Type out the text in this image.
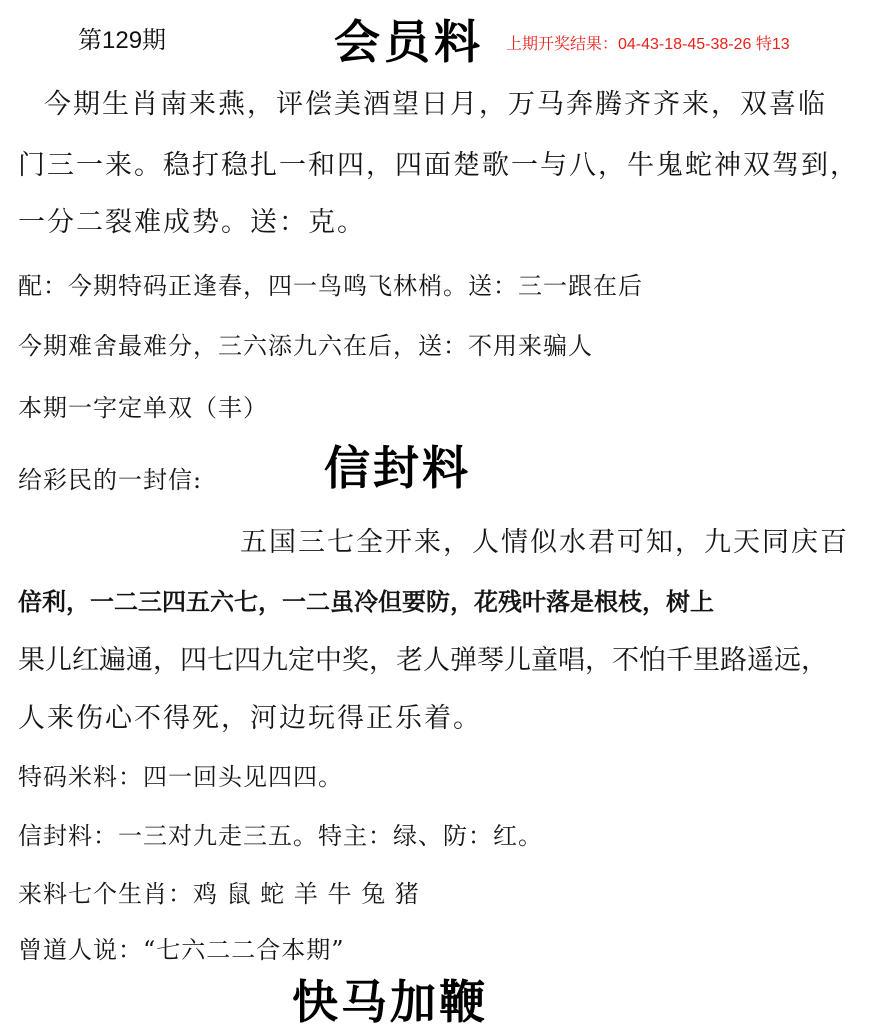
第129期	会员料 上期开奖结果：04-43-18-45-38-26 特13
今期生肖南来燕，评偿美酒望日月，万马奔腾齐齐来，双喜临
门三一来。稳打稳扎一和四，四面楚歌一与八，牛鬼蛇神双驾到，
一分二裂难成势。送：克。
配：今期特码正逢春，四一鸟鸣飞林梢。送：三一跟在后
今期难舍最难分，三六添九六在后，送：不用来骗人
本期一字定单双（丰）
给彩民的一封信:	信封料
五国三七全开来，人情似水君可知，九天同庆百
倍利，一二三四五六七，一二虽冷但要防，花残叶落是根枝，树上
果儿红遍通，四七四九定中奖，老人弹琴儿童唱，不怕千里路遥远，
人来伤心不得死，河边玩得正乐着。
特码米料：四一回头见四四。
信封料：一三对九走三五。特主：绿、防：红。
来料七个生肖：鸡 鼠 蛇 羊 牛 兔 猪
曾道人说：“七六二二合本期”
快马加鞭
